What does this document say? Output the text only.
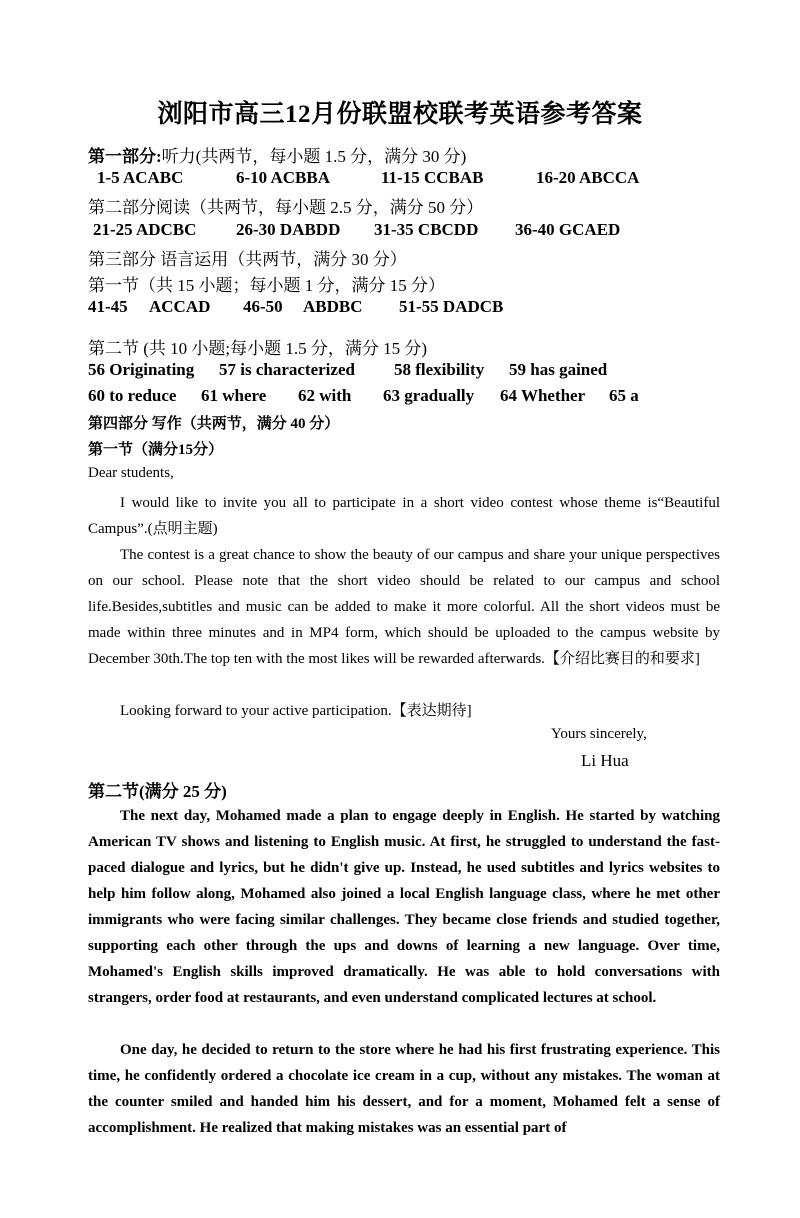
浏阳市高三12月份联盟校联考英语参考答案
第一部分:听力(共两节，每小题 1.5 分，满分 30 分)
1-5 ACABC	6-10 ACBBA	11-15 CCBAB	16-20 ABCCA
第二部分阅读（共两节，每小题 2.5 分，满分 50 分）
21-25 ADCBC 26-30 DABDD 31-35 CBCDD 36-40 GCAED
第三部分 语言运用（共两节，满分 30 分）
第一节（共 15 小题；每小题 1 分，满分 15 分）
41-45 ACCAD 46-50 ABDBC 51-55 DADCB
第二节 (共 10 小题;每小题 1.5 分，满分 15 分)
56 Originating 57 is characterized 58 flexibility 59 has gained
60 to reduce 61 where 62 with 63 gradually 64 Whether 65 a
第四部分 写作（共两节，满分 40 分）
第一节（满分15分）
Dear students,
I would like to invite you all to participate in a short video contest whose theme is“Beautiful Campus”.(点明主题)
The contest is a great chance to show the beauty of our campus and share your unique perspectives on our school. Please note that the short video should be related to our campus and school life.Besides,subtitles and music can be added to make it more colorful. All the short videos must be made within three minutes and in MP4 form, which should be uploaded to the campus website by December 30th.The top ten with the most likes will be rewarded afterwards.【介绍比赛目的和要求]
Looking forward to your active participation.【表达期待]
Yours sincerely,
Li Hua
第二节(满分 25 分)
The next day, Mohamed made a plan to engage deeply in English. He started by watching American TV shows and listening to English music. At first, he struggled to understand the fast-paced dialogue and lyrics, but he didn't give up. Instead, he used subtitles and lyrics websites to help him follow along, Mohamed also joined a local English language class, where he met other immigrants who were facing similar challenges. They became close friends and studied together, supporting each other through the ups and downs of learning a new language. Over time, Mohamed's English skills improved dramatically. He was able to hold conversations with strangers, order food at restaurants, and even understand complicated lectures at school.
One day, he decided to return to the store where he had his first frustrating experience. This time, he confidently ordered a chocolate ice cream in a cup, without any mistakes. The woman at the counter smiled and handed him his dessert, and for a moment, Mohamed felt a sense of accomplishment. He realized that making mistakes was an essential part of
